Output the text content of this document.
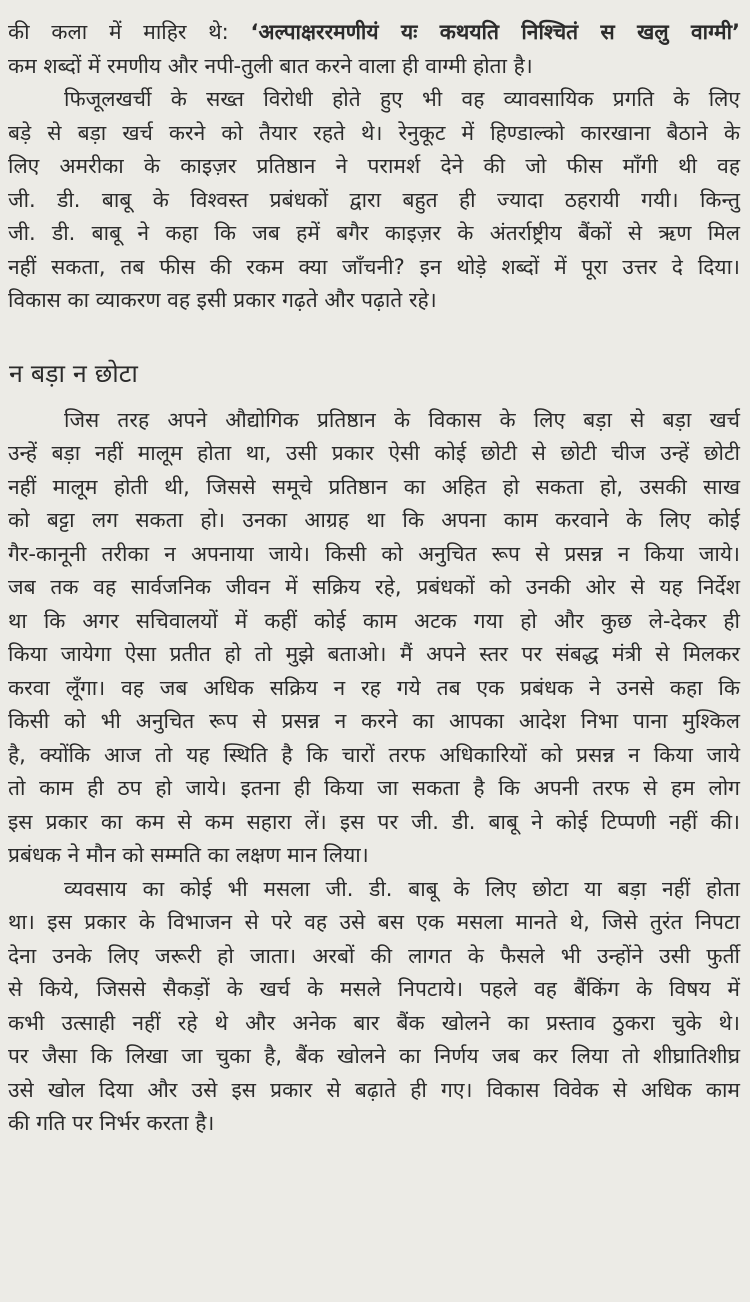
की कला में माहिर थे: ‘अल्पाक्षररमणीयं यः कथयति निश्चितं स खलु वाग्मी’
कम शब्दों में रमणीय और नपी-तुली बात करने वाला ही वाग्मी होता है।
फिजूलखर्ची के सख्त विरोधी होते हुए भी वह व्यावसायिक प्रगति के लिए
बड़े से बड़ा खर्च करने को तैयार रहते थे। रेनुकूट में हिण्डाल्को कारखाना बैठाने के
लिए अमरीका के काइज़र प्रतिष्ठान ने परामर्श देने की जो फीस माँगी थी वह
जी. डी. बाबू के विश्वस्त प्रबंधकों द्वारा बहुत ही ज्यादा ठहरायी गयी। किन्तु
जी. डी. बाबू ने कहा कि जब हमें बगैर काइज़र के अंतर्राष्ट्रीय बैंकों से ऋण मिल
नहीं सकता, तब फीस की रकम क्या जाँचनी? इन थोड़े शब्दों में पूरा उत्तर दे दिया।
विकास का व्याकरण वह इसी प्रकार गढ़ते और पढ़ाते रहे।
न बड़ा न छोटा
जिस तरह अपने औद्योगिक प्रतिष्ठान के विकास के लिए बड़ा से बड़ा खर्च
उन्हें बड़ा नहीं मालूम होता था, उसी प्रकार ऐसी कोई छोटी से छोटी चीज उन्हें छोटी
नहीं मालूम होती थी, जिससे समूचे प्रतिष्ठान का अहित हो सकता हो, उसकी साख
को बट्टा लग सकता हो। उनका आग्रह था कि अपना काम करवाने के लिए कोई
गैर-कानूनी तरीका न अपनाया जाये। किसी को अनुचित रूप से प्रसन्न न किया जाये।
जब तक वह सार्वजनिक जीवन में सक्रिय रहे, प्रबंधकों को उनकी ओर से यह निर्देश
था कि अगर सचिवालयों में कहीं कोई काम अटक गया हो और कुछ ले-देकर ही
किया जायेगा ऐसा प्रतीत हो तो मुझे बताओ। मैं अपने स्तर पर संबद्ध मंत्री से मिलकर
करवा लूँगा। वह जब अधिक सक्रिय न रह गये तब एक प्रबंधक ने उनसे कहा कि
किसी को भी अनुचित रूप से प्रसन्न न करने का आपका आदेश निभा पाना मुश्किल
है, क्योंकि आज तो यह स्थिति है कि चारों तरफ अधिकारियों को प्रसन्न न किया जाये
तो काम ही ठप हो जाये। इतना ही किया जा सकता है कि अपनी तरफ से हम लोग
इस प्रकार का कम से कम सहारा लें। इस पर जी. डी. बाबू ने कोई टिप्पणी नहीं की।
प्रबंधक ने मौन को सम्मति का लक्षण मान लिया।
व्यवसाय का कोई भी मसला जी. डी. बाबू के लिए छोटा या बड़ा नहीं होता
था। इस प्रकार के विभाजन से परे वह उसे बस एक मसला मानते थे, जिसे तुरंत निपटा
देना उनके लिए जरूरी हो जाता। अरबों की लागत के फैसले भी उन्होंने उसी फुर्ती
से किये, जिससे सैकड़ों के खर्च के मसले निपटाये। पहले वह बैंकिंग के विषय में
कभी उत्साही नहीं रहे थे और अनेक बार बैंक खोलने का प्रस्ताव ठुकरा चुके थे।
पर जैसा कि लिखा जा चुका है, बैंक खोलने का निर्णय जब कर लिया तो शीघ्रातिशीघ्र
उसे खोल दिया और उसे इस प्रकार से बढ़ाते ही गए। विकास विवेक से अधिक काम
की गति पर निर्भर करता है।
